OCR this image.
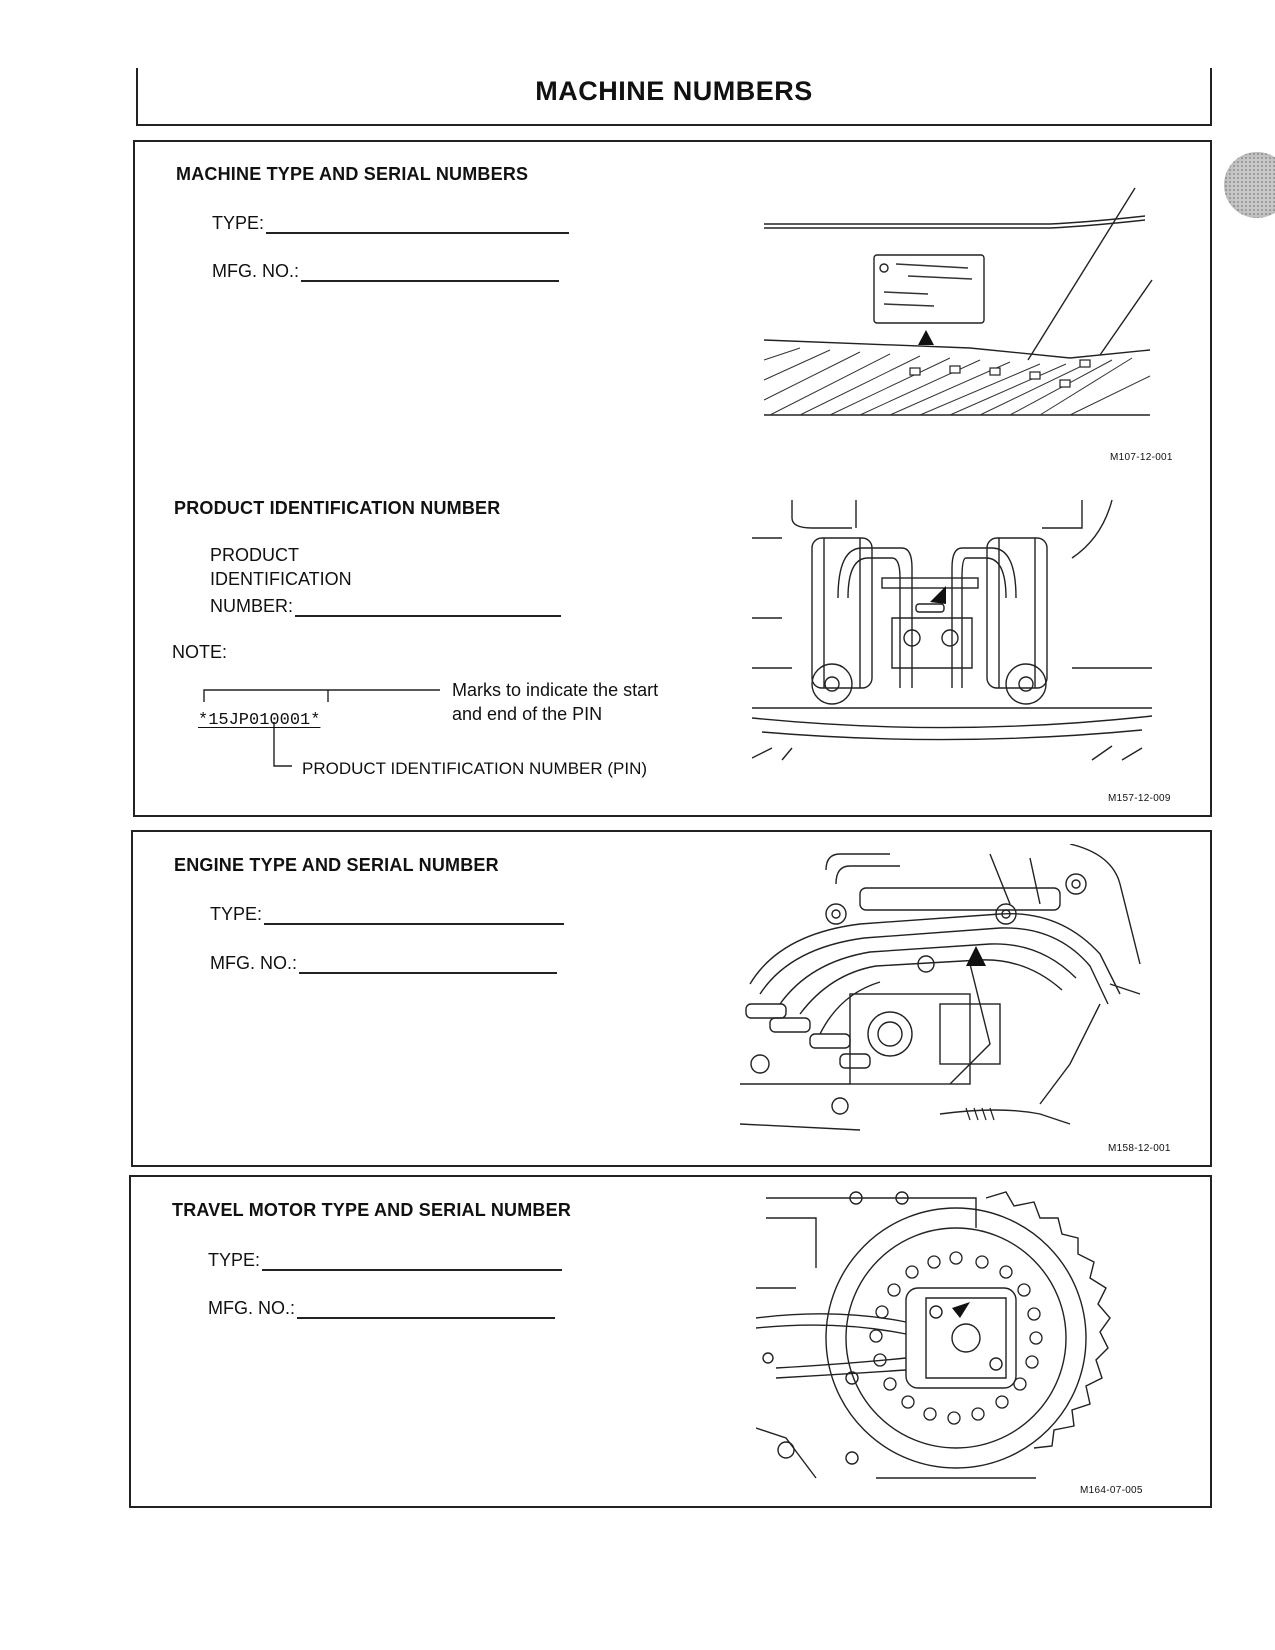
MACHINE NUMBERS
MACHINE TYPE AND SERIAL NUMBERS
TYPE:
MFG. NO.:
M107-12-001
PRODUCT IDENTIFICATION NUMBER
PRODUCT
IDENTIFICATION
NUMBER:
NOTE:
*15JP010001*
Marks to indicate the start
and end of the PIN
PRODUCT IDENTIFICATION NUMBER (PIN)
M157-12-009
ENGINE TYPE AND SERIAL NUMBER
TYPE:
MFG. NO.:
M158-12-001
TRAVEL MOTOR TYPE AND SERIAL NUMBER
TYPE:
MFG. NO.:
M164-07-005
